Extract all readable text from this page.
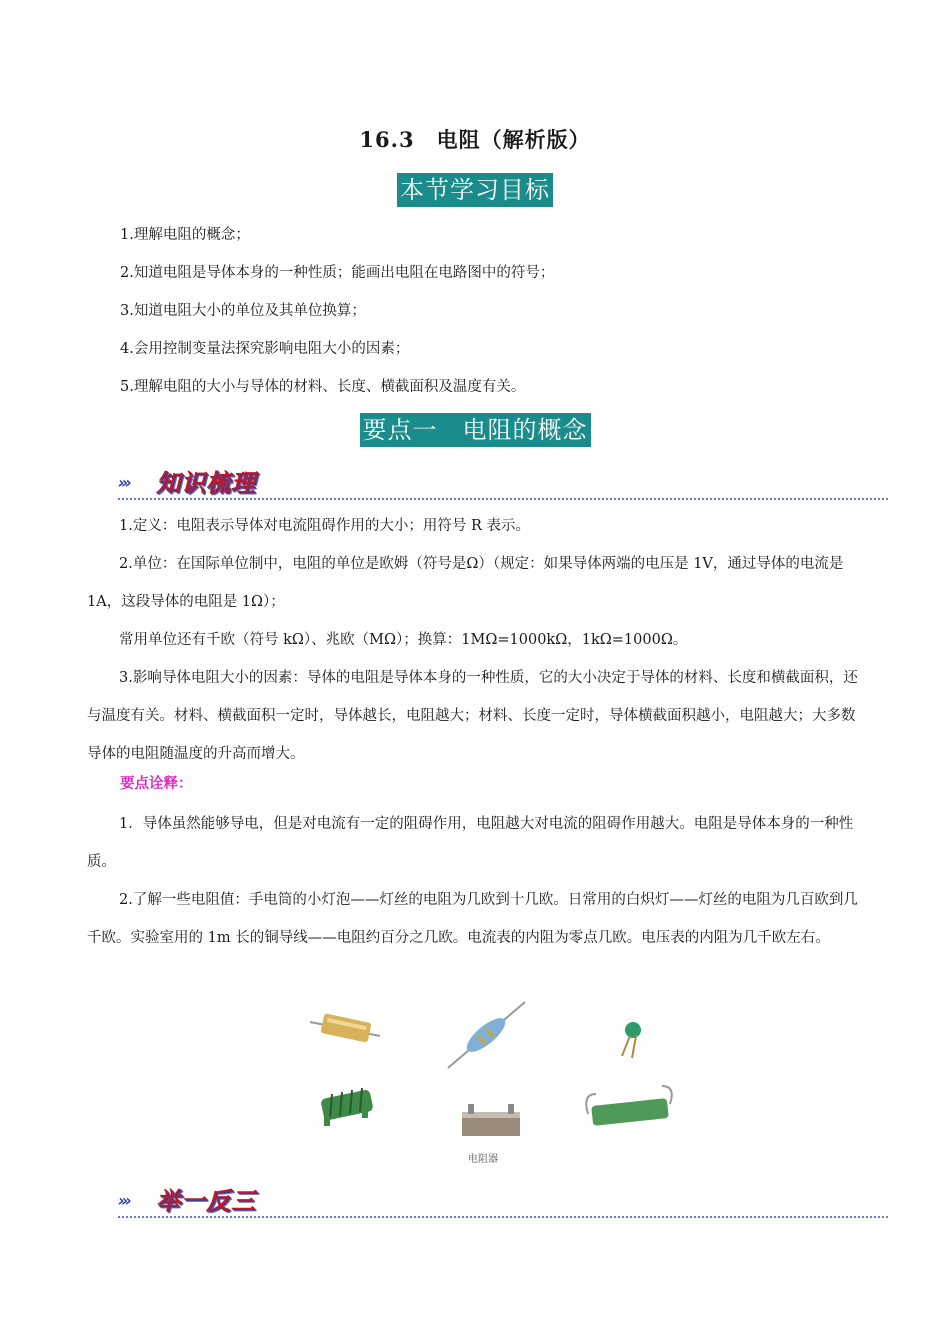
16.3　电阻（解析版）
本节学习目标

1.理解电阻的概念；

2.知道电阻是导体本身的一种性质；能画出电阻在电路图中的符号；

3.知道电阻大小的单位及其单位换算；

4.会用控制变量法探究影响电阻大小的因素；

5.理解电阻的大小与导体的材料、长度、横截面积及温度有关。

要点一　电阻的概念
››› 知识梳理

1.定义：电阻表示导体对电流阻碍作用的大小；用符号 R 表示。

2.单位：在国际单位制中，电阻的单位是欧姆（符号是Ω）（规定：如果导体两端的电压是 1V，通过导体的电流是 1A，这段导体的电阻是 1Ω）；

常用单位还有千欧（符号 kΩ）、兆欧（MΩ）；换算：1MΩ=1000kΩ，1kΩ=1000Ω。

3.影响导体电阻大小的因素：导体的电阻是导体本身的一种性质，它的大小决定于导体的材料、长度和横截面积，还与温度有关。材料、横截面积一定时，导体越长，电阻越大；材料、长度一定时，导体横截面积越小，电阻越大；大多数导体的电阻随温度的升高而增大。

要点诠释：

1．导体虽然能够导电，但是对电流有一定的阻碍作用，电阻越大对电流的阻碍作用越大。电阻是导体本身的一种性质。

2.了解一些电阻值：手电筒的小灯泡——灯丝的电阻为几欧到十几欧。日常用的白炽灯——灯丝的电阻为几百欧到几千欧。实验室用的 1m 长的铜导线——电阻约百分之几欧。电流表的内阻为零点几欧。电压表的内阻为几千欧左右。

电阻器
››› 举一反三
